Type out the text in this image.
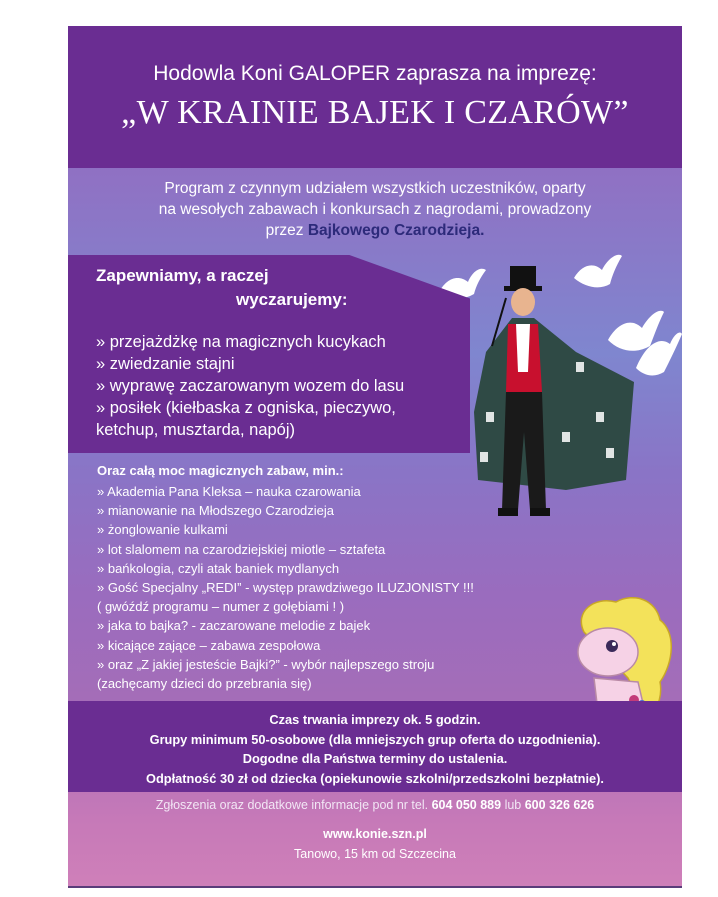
Hodowla Koni GALOPER zaprasza na imprezę:
„W KRAINIE BAJEK I CZARÓW”
Program z czynnym udziałem wszystkich uczestników, oparty
na wesołych zabawach i konkursach z nagrodami, prowadzony
przez Bajkowego Czarodzieja.
Zapewniamy, a raczej
wyczarujemy:
» przejażdżkę na magicznych kucykach
» zwiedzanie stajni
» wyprawę zaczarowanym wozem do lasu
» posiłek (kiełbaska z ogniska, pieczywo,
ketchup, musztarda, napój)
Oraz całą moc magicznych zabaw, min.:
» Akademia Pana Kleksa – nauka czarowania
» mianowanie na Młodszego Czarodzieja
» żonglowanie kulkami
» lot slalomem na czarodziejskiej miotle – sztafeta
» bańkologia, czyli atak baniek mydlanych
» Gość Specjalny „REDI” - występ prawdziwego ILUZJONISTY !!!
( gwóźdź programu – numer z gołębiami ! )
» jaka to bajka? - zaczarowane melodie z bajek
» kicające zające – zabawa zespołowa
» oraz „Z jakiej jesteście Bajki?” - wybór najlepszego stroju
(zachęcamy dzieci do przebrania się)
Czas trwania imprezy ok. 5 godzin.
Grupy minimum 50-osobowe (dla mniejszych grup oferta do uzgodnienia).
Dogodne dla Państwa terminy do ustalenia.
Odpłatność 30 zł od dziecka (opiekunowie szkolni/przedszkolni bezpłatnie).
Zgłoszenia oraz dodatkowe informacje pod nr tel. 604 050 889 lub 600 326 626
www.konie.szn.pl
Tanowo, 15 km od Szczecina
